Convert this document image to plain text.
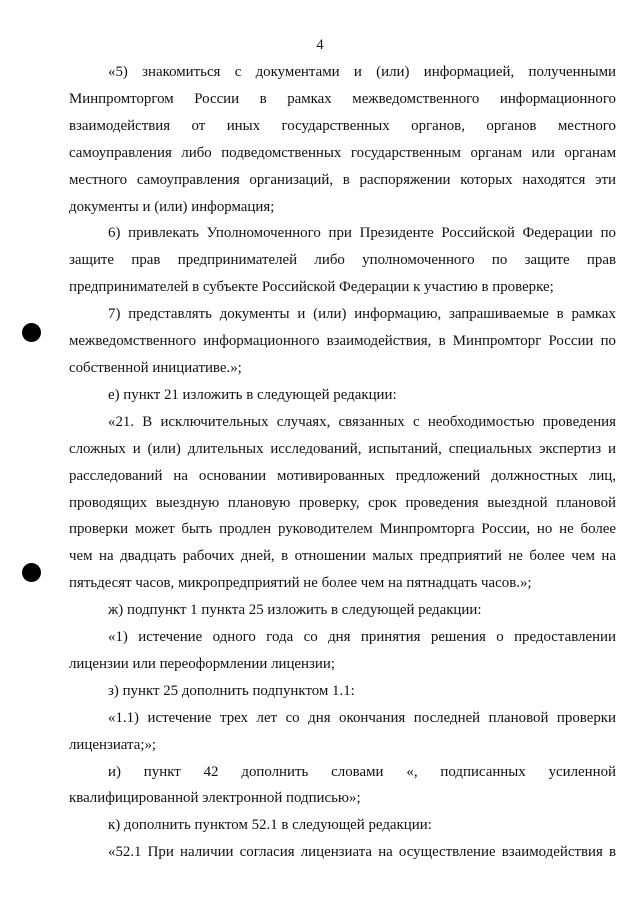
4

«5) знакомиться с документами и (или) информацией, полученными

Минпромторгом России в рамках межведомственного информационного

взаимодействия от иных государственных органов, органов местного

самоуправления либо подведомственных государственным органам или органам

местного самоуправления организаций, в распоряжении которых находятся эти

документы и (или) информация;

6) привлекать Уполномоченного при Президенте Российской Федерации по

защите прав предпринимателей либо уполномоченного по защите прав

предпринимателей в субъекте Российской Федерации к участию в проверке;

7) представлять документы и (или) информацию, запрашиваемые в рамках

межведомственного информационного взаимодействия, в Минпромторг России по

собственной инициативе.»;

е) пункт 21 изложить в следующей редакции:

«21. В исключительных случаях, связанных с необходимостью проведения

сложных и (или) длительных исследований, испытаний, специальных экспертиз и

расследований на основании мотивированных предложений должностных лиц,

проводящих выездную плановую проверку, срок проведения выездной плановой

проверки может быть продлен руководителем Минпромторга России, но не более

чем на двадцать рабочих дней, в отношении малых предприятий не более чем на

пятьдесят часов, микропредприятий не более чем на пятнадцать часов.»;

ж) подпункт 1 пункта 25 изложить в следующей редакции:

«1) истечение одного года со дня принятия решения о предоставлении

лицензии или переоформлении лицензии;

з) пункт 25 дополнить подпунктом 1.1:

«1.1) истечение трех лет со дня окончания последней плановой проверки

лицензиата;»;

и) пункт 42 дополнить словами «, подписанных усиленной

квалифицированной электронной подписью»;

к) дополнить пунктом 52.1 в следующей редакции:

«52.1 При наличии согласия лицензиата на осуществление взаимодействия в
